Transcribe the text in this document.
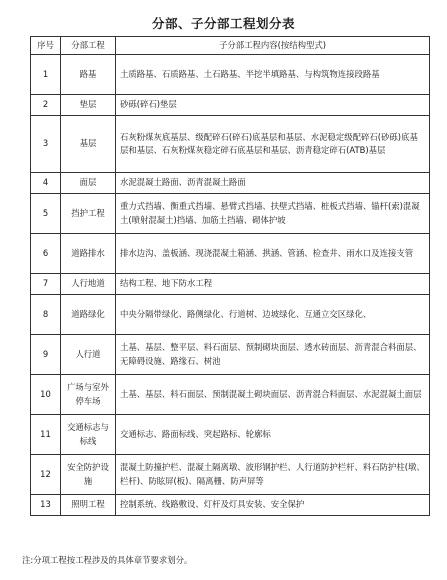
分部、子分部工程划分表
序号	分部工程	子分部工程内容(按结构型式)
1	路基	土质路基、石质路基、土石路基、半挖半填路基、与构筑物连接段路基
2	垫层	砂砾(碎石)垫层
3	基层	石灰粉煤灰底基层、级配碎石(碎石)底基层和基层、水泥稳定级配碎石(砂砾)底基层和基层、石灰粉煤灰稳定碎石底基层和基层、沥青稳定碎石(ATB)基层
4	面层	水泥混凝土路面、沥青混凝土路面
5	挡护工程	重力式挡墙、衡重式挡墙、悬臂式挡墙、扶壁式挡墙、桩板式挡墙、锚杆(索)混凝土(喷射混凝土)挡墙、加筋土挡墙、砌体护坡
6	道路排水	排水边沟、盖板涵、现浇混凝土箱涵、拱涵、管涵、检查井、雨水口及连接支管
7	人行地道	结构工程、地下防水工程
8	道路绿化	中央分隔带绿化、路侧绿化、行道树、边坡绿化、互通立交区绿化、
9	人行道	土基、基层、整平层、料石面层、预制砌块面层、透水砖面层、沥青混合料面层、无障碍设施、路缘石、树池
10	广场与室外停车场	土基、基层、料石面层、预制混凝土砌块面层、沥青混合料面层、水泥混凝土面层
11	交通标志与标线	交通标志、路面标线、突起路标、轮廓标
12	安全防护设施	混凝土防撞护栏、混凝土隔离墩、波形钢护栏、人行道防护栏杆、料石防护柱(墩、栏杆)、防眩屏(板)、隔离栅、防声屏等
13	照明工程	控制系统、线路敷设、灯杆及灯具安装、安全保护
注:分项工程按工程涉及的具体章节要求划分。
